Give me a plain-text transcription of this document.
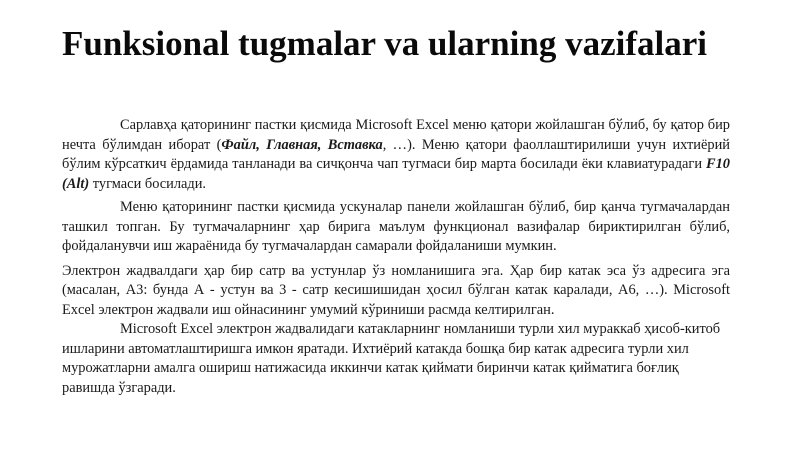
Funksional tugmalar va ularning vazifalari

Сарлавҳа қаторининг пастки қисмида Microsoft Excel меню қатори жойлашган бўлиб, бу қатор бир нечта бўлимдан иборат (Файл, Главная, Вставка, …). Меню қатори фаоллаштирилиши учун ихтиёрий бўлим кўрсаткич ёрдамида танланади ва сичқонча чап тугмаси бир марта босилади ёки клавиатурадаги F10 (Alt) тугмаси босилади.

Меню қаторининг пастки қисмида ускуналар панели жойлашган бўлиб, бир қанча тугмачалардан ташкил топган. Бу тугмачаларнинг ҳар бирига маълум функционал вазифалар бириктирилган бўлиб, фойдаланувчи иш жараёнида бу тугмачалардан самарали фойдаланиши мумкин.

Электрон жадвалдаги ҳар бир сатр ва устунлар ўз номланишига эга. Ҳар бир катак эса ўз адресига эга (масалан, А3: бунда А - устун ва 3 - сатр кесишишидан ҳосил бўлган катак каралади, А6, …). Microsoft Excel электрон жадвали иш ойнасининг умумий кўриниши расмда келтирилган.

Microsoft Excel электрон жадвалидаги катакларнинг номланиши турли хил мураккаб ҳисоб-китоб ишларини автоматлаштиришга имкон яратади. Ихтиёрий катакда бошқа бир катак адресига турли хил мурожатларни амалга ошириш натижасида иккинчи катак қиймати биринчи катак қийматига боғлиқ равишда ўзгаради.
